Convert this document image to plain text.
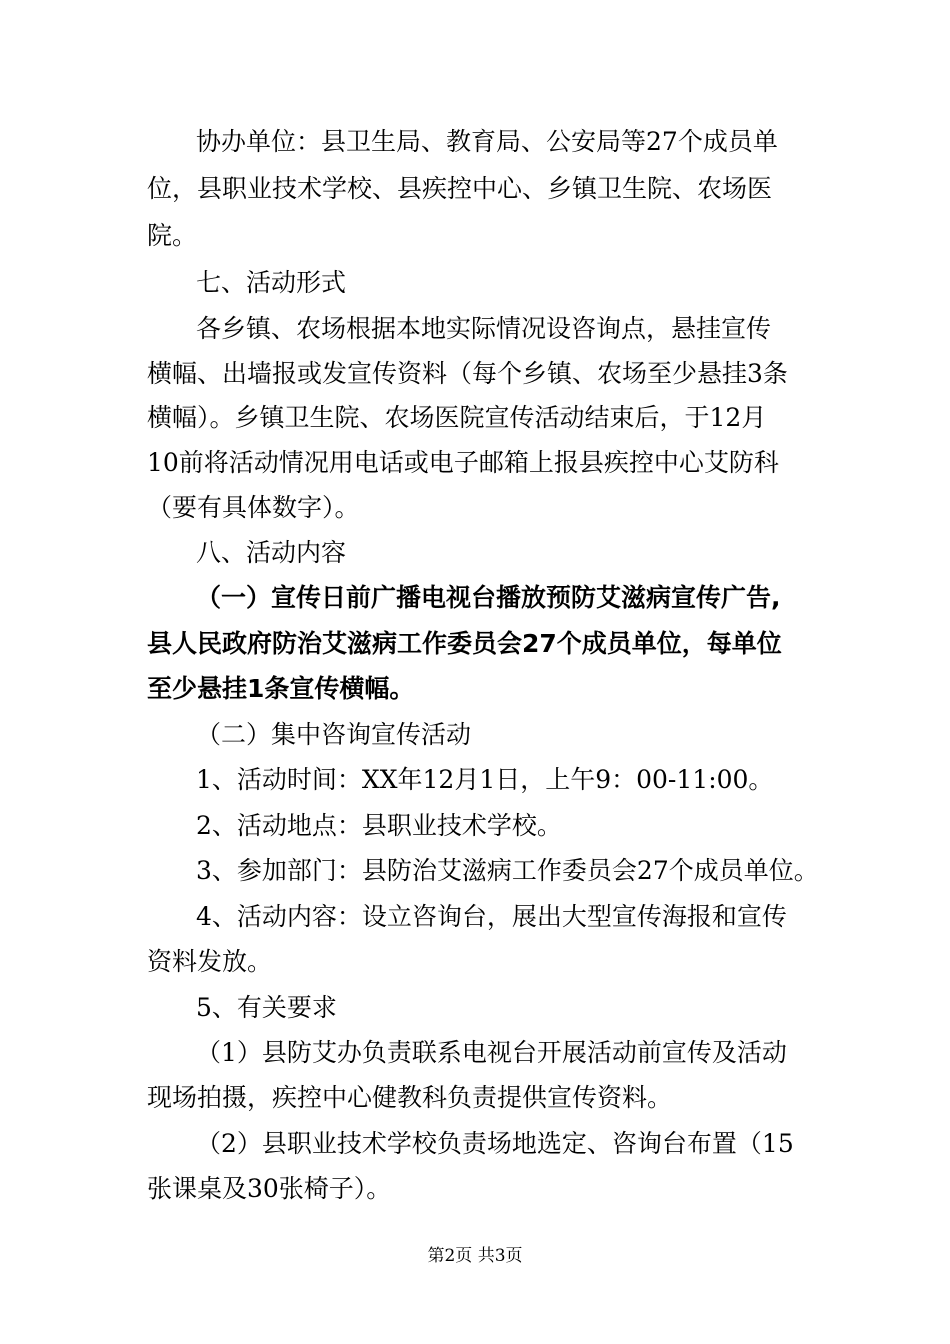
协办单位：县卫生局、教育局、公安局等27个成员单
位，县职业技术学校、县疾控中心、乡镇卫生院、农场医
院。
七、活动形式
各乡镇、农场根据本地实际情况设咨询点，悬挂宣传
横幅、出墙报或发宣传资料（每个乡镇、农场至少悬挂3条
横幅）。乡镇卫生院、农场医院宣传活动结束后，于12月
10前将活动情况用电话或电子邮箱上报县疾控中心艾防科
（要有具体数字）。
八、活动内容
（一）宣传日前广播电视台播放预防艾滋病宣传广告,
县人民政府防治艾滋病工作委员会27个成员单位，每单位
至少悬挂1条宣传横幅。
（二）集中咨询宣传活动
1、活动时间：XX年12月1日，上午9：00-11:00。
2、活动地点：县职业技术学校。
3、参加部门：县防治艾滋病工作委员会27个成员单位。
4、活动内容：设立咨询台，展出大型宣传海报和宣传
资料发放。
5、有关要求
（1）县防艾办负责联系电视台开展活动前宣传及活动
现场拍摄，疾控中心健教科负责提供宣传资料。
（2）县职业技术学校负责场地选定、咨询台布置（15
张课桌及30张椅子）。
第2页 共3页
